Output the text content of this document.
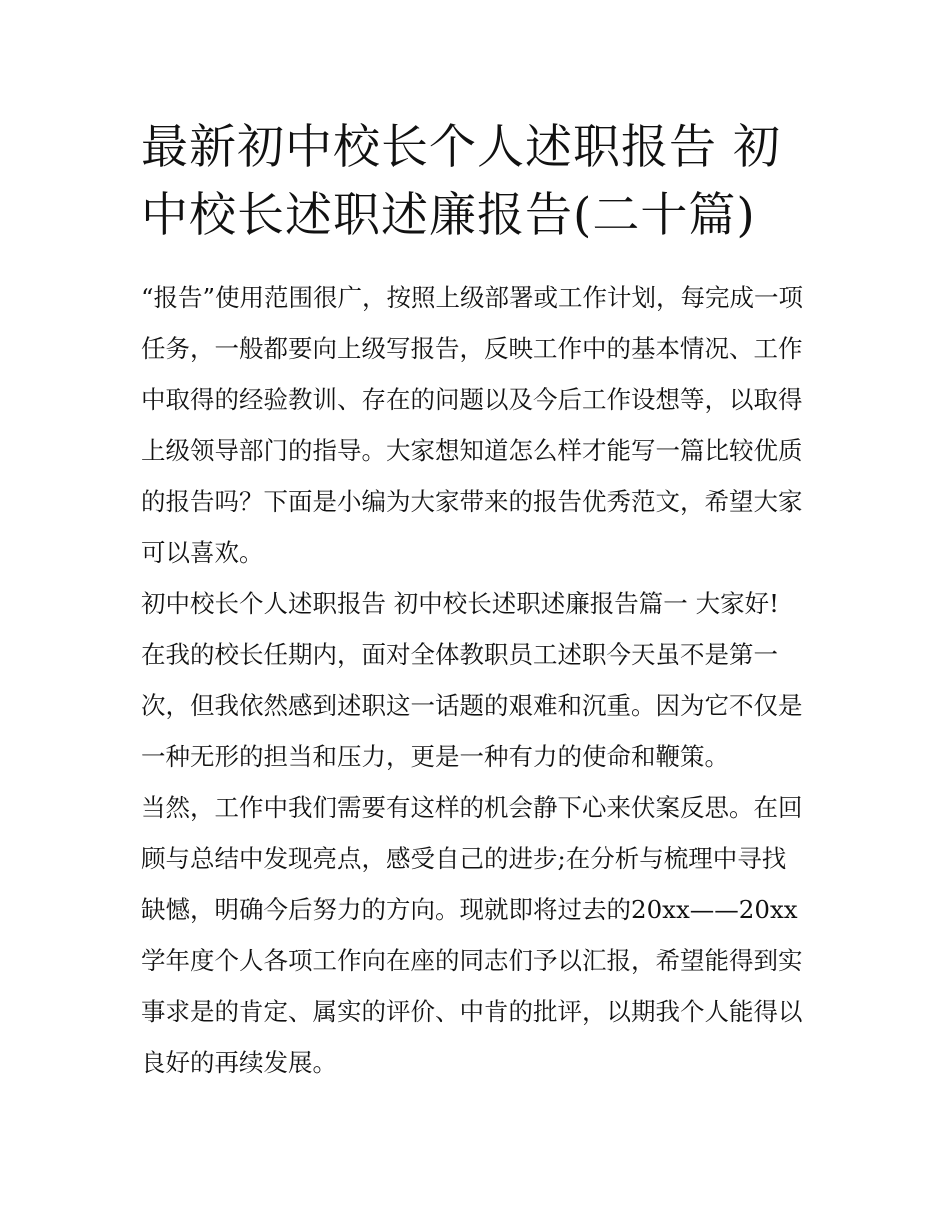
最新初中校长个人述职报告 初
中校长述职述廉报告(二十篇)
“报告”使用范围很广，按照上级部署或工作计划，每完成一项
任务，一般都要向上级写报告，反映工作中的基本情况、工作
中取得的经验教训、存在的问题以及今后工作设想等，以取得
上级领导部门的指导。大家想知道怎么样才能写一篇比较优质
的报告吗？下面是小编为大家带来的报告优秀范文，希望大家
可以喜欢。
初中校长个人述职报告 初中校长述职述廉报告篇一 大家好!
在我的校长任期内，面对全体教职员工述职今天虽不是第一
次，但我依然感到述职这一话题的艰难和沉重。因为它不仅是
一种无形的担当和压力，更是一种有力的使命和鞭策。
当然，工作中我们需要有这样的机会静下心来伏案反思。在回
顾与总结中发现亮点，感受自己的进步;在分析与梳理中寻找
缺憾，明确今后努力的方向。现就即将过去的20xx——20xx
学年度个人各项工作向在座的同志们予以汇报，希望能得到实
事求是的肯定、属实的评价、中肯的批评，以期我个人能得以
良好的再续发展。
